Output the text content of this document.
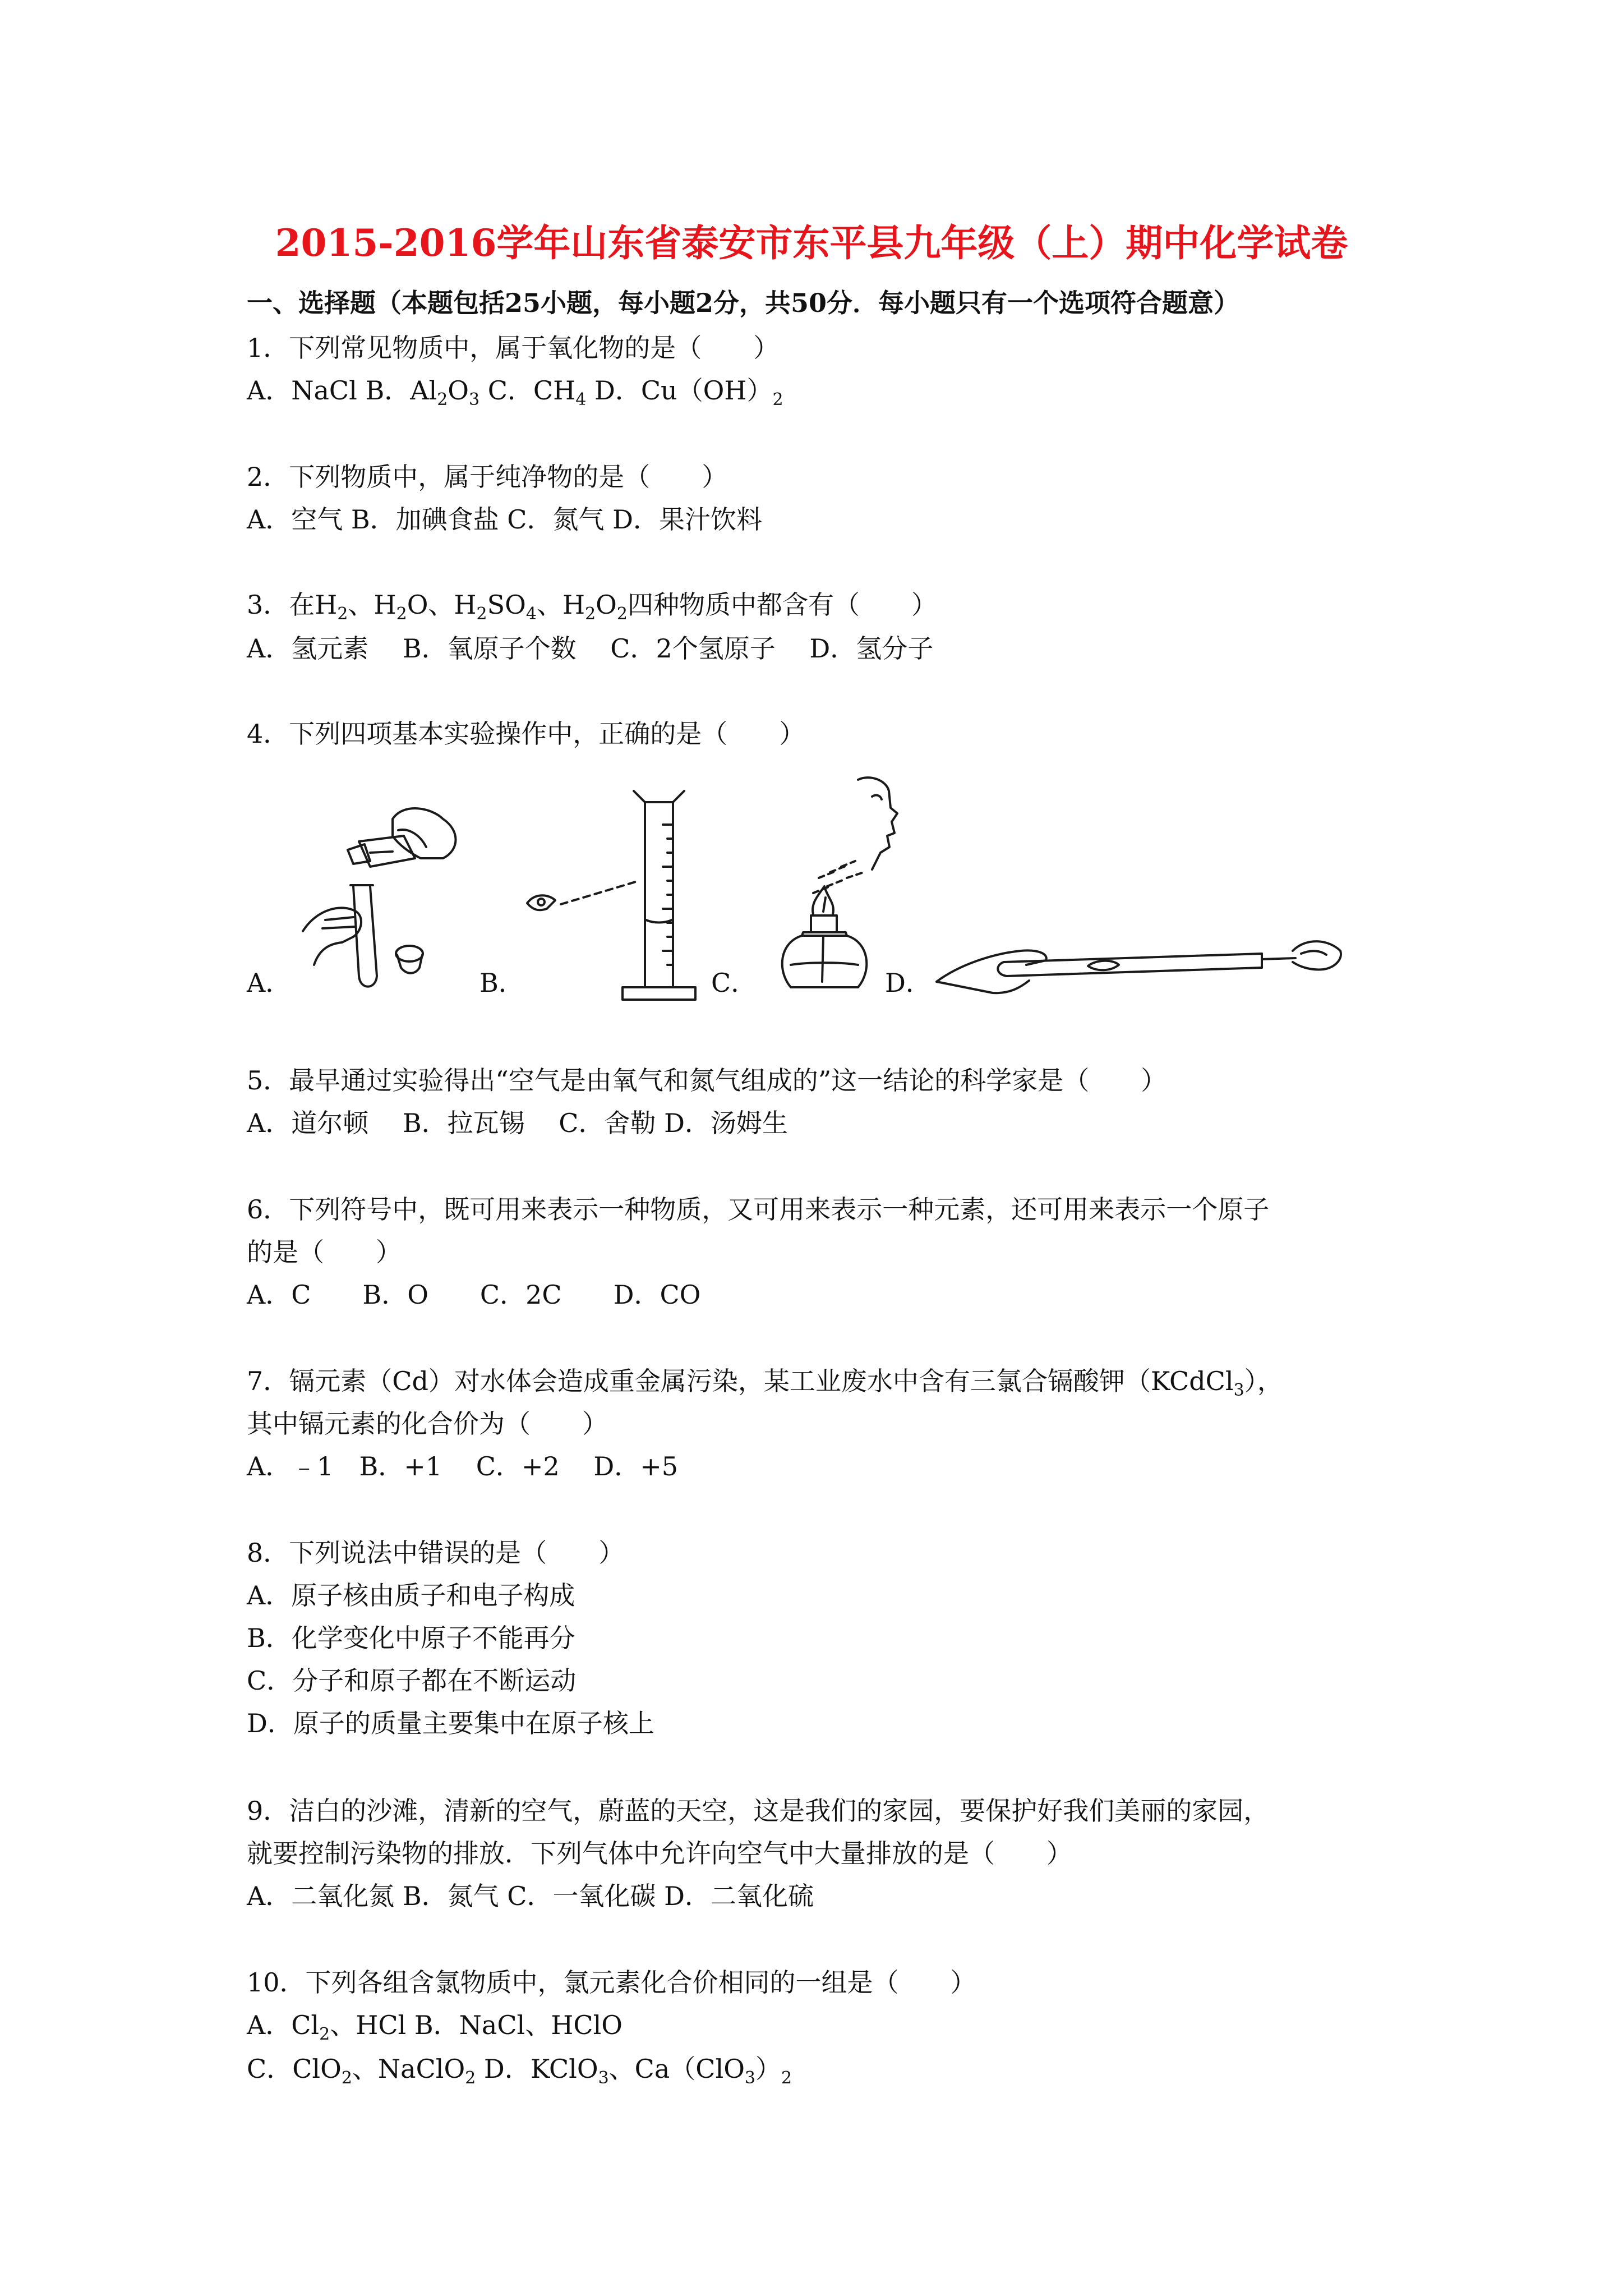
2015-2016学年山东省泰安市东平县九年级（上）期中化学试卷
一、选择题（本题包括25小题，每小题2分，共50分．每小题只有一个选项符合题意）
1．下列常见物质中，属于氧化物的是（　　）
A．NaCl B．$Al_2O_3$ C．$CH_4$ D．$Cu(OH)_2$
2．下列物质中，属于纯净物的是（　　）
A．空气 B．加碘食盐 C．氮气 D．果汁饮料
3．在$H_2$、$H_2O$、$H_2SO_4$、$H_2O_2$四种物质中都含有（　　）
A．氢元素　 B．氧原子个数　 C．2个氢原子　 D．氢分子
4．下列四项基本实验操作中，正确的是（　　）
A．	B．	C．	D．
5．最早通过实验得出“空气是由氧气和氮气组成的”这一结论的科学家是（　　）
A．道尔顿　 B．拉瓦锡　 C．舍勒 D．汤姆生
6．下列符号中，既可用来表示一种物质，又可用来表示一种元素，还可用来表示一个原子
的是（　　）
A．C　　B．O　　C．2C　　D．CO
7．镉元素（Cd）对水体会造成重金属污染，某工业废水中含有三氯合镉酸钾（KCdCl$_3$），
其中镉元素的化合价为（　　）
A．﹣1　B．+1　 C．+2　 D．+5
8．下列说法中错误的是（　　）
A．原子核由质子和电子构成
B．化学变化中原子不能再分
C．分子和原子都在不断运动
D．原子的质量主要集中在原子核上
9．洁白的沙滩，清新的空气，蔚蓝的天空，这是我们的家园，要保护好我们美丽的家园，
就要控制污染物的排放．下列气体中允许向空气中大量排放的是（　　）
A．二氧化氮 B．氮气 C．一氧化碳 D．二氧化硫
10．下列各组含氯物质中，氯元素化合价相同的一组是（　　）
A．$Cl_2$、HCl B．NaCl、HClO
C．ClO$_2$、NaClO$_2$ D．KClO$_3$、$Ca(ClO_3)_2$
